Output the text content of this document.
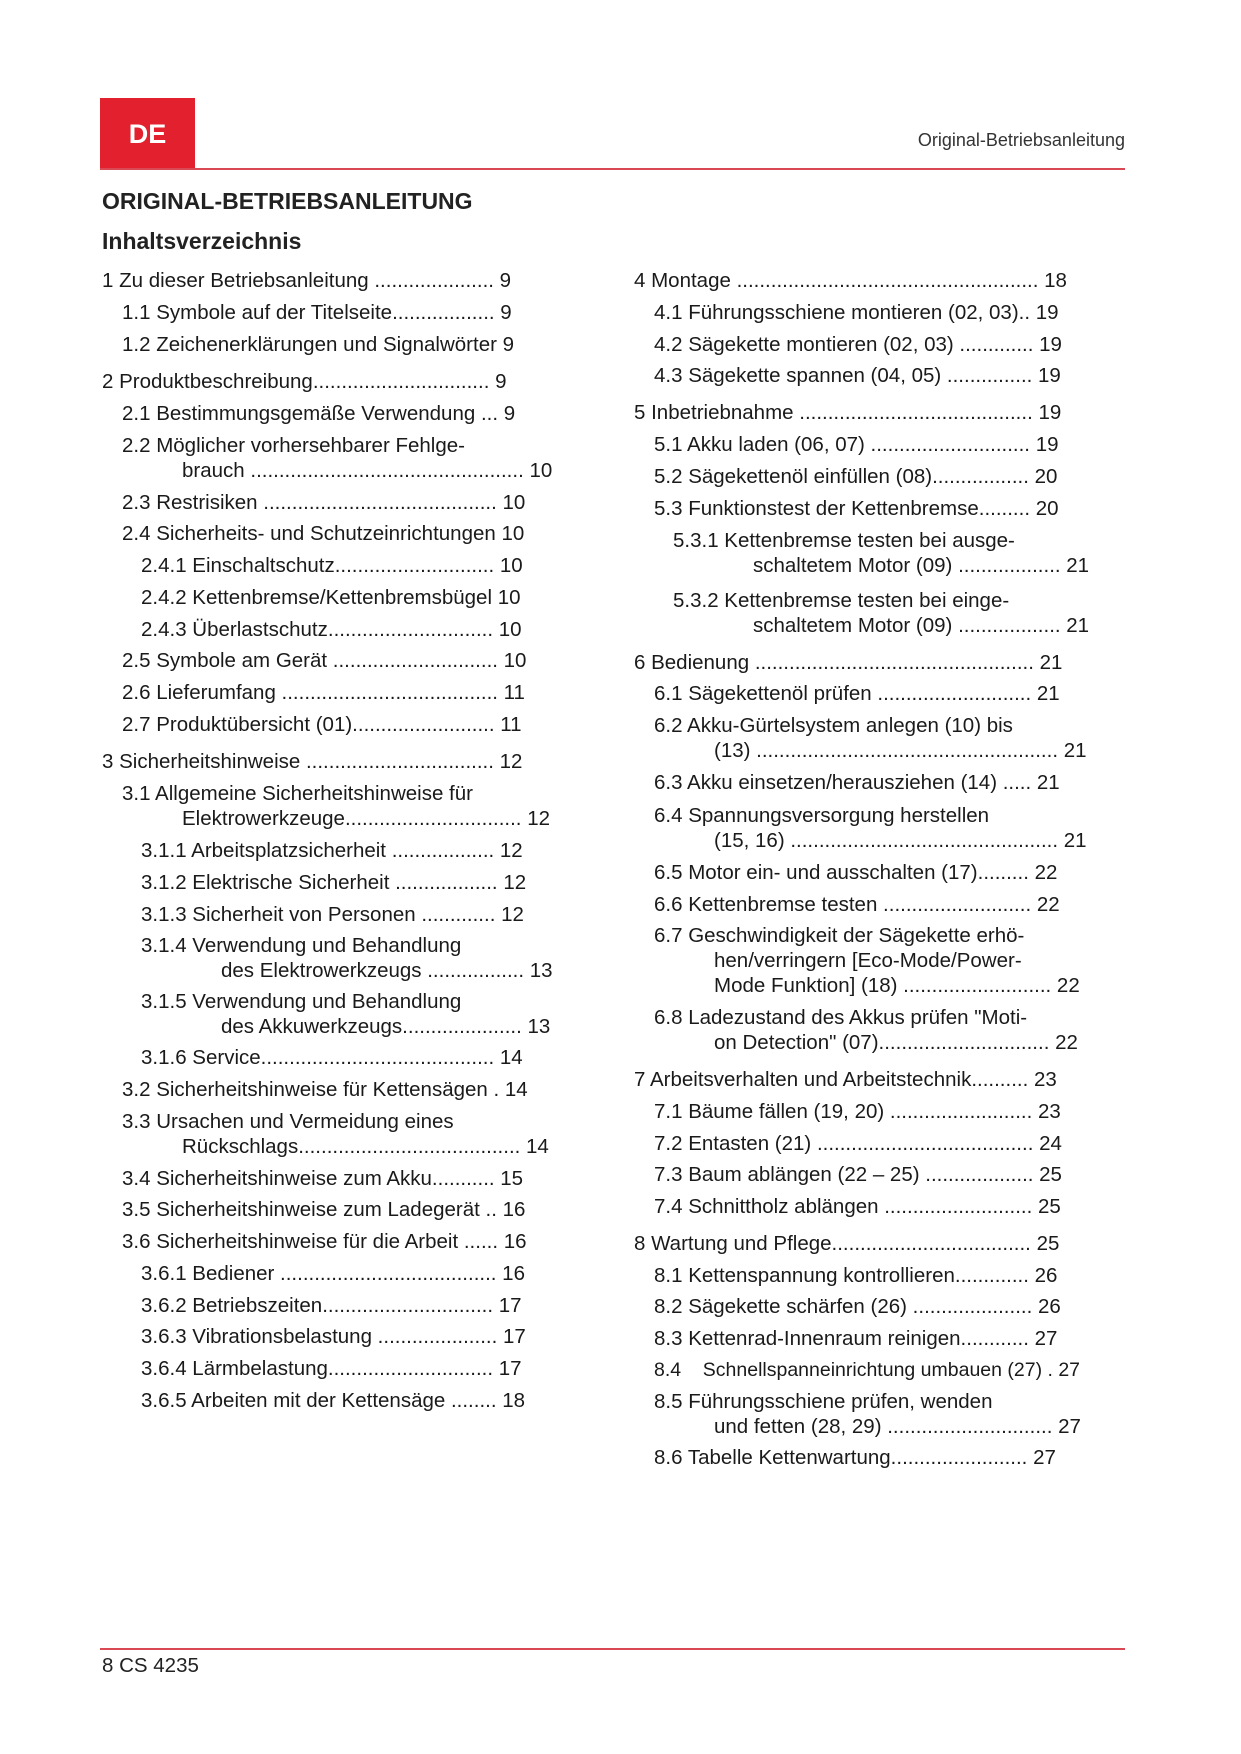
DE	Original-Betriebsanleitung
ORIGINAL-BETRIEBSANLEITUNG
Inhaltsverzeichnis
1 Zu dieser Betriebsanleitung ..................... 9
1.1 Symbole auf der Titelseite.................. 9
1.2 Zeichenerklärungen und Signalwörter 9
2 Produktbeschreibung............................... 9
2.1 Bestimmungsgemäße Verwendung ... 9
2.2 Möglicher vorhersehbarer Fehlge-
brauch ................................................ 10
2.3 Restrisiken ......................................... 10
2.4 Sicherheits- und Schutzeinrichtungen 10
2.4.1 Einschaltschutz............................ 10
2.4.2 Kettenbremse/Kettenbremsbügel 10
2.4.3 Überlastschutz............................. 10
2.5 Symbole am Gerät ............................. 10
2.6 Lieferumfang ...................................... 11
2.7 Produktübersicht (01)......................... 11
3 Sicherheitshinweise ................................. 12
3.1 Allgemeine Sicherheitshinweise für
Elektrowerkzeuge............................... 12
3.1.1 Arbeitsplatzsicherheit .................. 12
3.1.2 Elektrische Sicherheit .................. 12
3.1.3 Sicherheit von Personen ............. 12
3.1.4 Verwendung und Behandlung
des Elektrowerkzeugs ................. 13
3.1.5 Verwendung und Behandlung
des Akkuwerkzeugs..................... 13
3.1.6 Service......................................... 14
3.2 Sicherheitshinweise für Kettensägen . 14
3.3 Ursachen und Vermeidung eines
Rückschlags....................................... 14
3.4 Sicherheitshinweise zum Akku........... 15
3.5 Sicherheitshinweise zum Ladegerät .. 16
3.6 Sicherheitshinweise für die Arbeit ...... 16
3.6.1 Bediener ...................................... 16
3.6.2 Betriebszeiten.............................. 17
3.6.3 Vibrationsbelastung ..................... 17
3.6.4 Lärmbelastung............................. 17
3.6.5 Arbeiten mit der Kettensäge ........ 18
4 Montage ..................................................... 18
4.1 Führungsschiene montieren (02, 03).. 19
4.2 Sägekette montieren (02, 03) ............. 19
4.3 Sägekette spannen (04, 05) ............... 19
5 Inbetriebnahme ......................................... 19
5.1 Akku laden (06, 07) ............................ 19
5.2 Sägekettenöl einfüllen (08)................. 20
5.3 Funktionstest der Kettenbremse......... 20
5.3.1 Kettenbremse testen bei ausge-
schaltetem Motor (09) .................. 21
5.3.2 Kettenbremse testen bei einge-
schaltetem Motor (09) .................. 21
6 Bedienung ................................................. 21
6.1 Sägekettenöl prüfen ........................... 21
6.2 Akku-Gürtelsystem anlegen (10) bis
(13) ..................................................... 21
6.3 Akku einsetzen/herausziehen (14) ..... 21
6.4 Spannungsversorgung herstellen
(15, 16) ............................................... 21
6.5 Motor ein- und ausschalten (17)......... 22
6.6 Kettenbremse testen .......................... 22
6.7 Geschwindigkeit der Sägekette erhö-
hen/verringern [Eco-Mode/Power-
Mode Funktion] (18) .......................... 22
6.8 Ladezustand des Akkus prüfen "Moti-
on Detection" (07).............................. 22
7 Arbeitsverhalten und Arbeitstechnik.......... 23
7.1 Bäume fällen (19, 20) ......................... 23
7.2 Entasten (21) ...................................... 24
7.3 Baum ablängen (22 – 25) ................... 25
7.4 Schnittholz ablängen .......................... 25
8 Wartung und Pflege................................... 25
8.1 Kettenspannung kontrollieren............. 26
8.2 Sägekette schärfen (26) ..................... 26
8.3 Kettenrad-Innenraum reinigen............ 27
8.4    Schnellspanneinrichtung umbauen (27) . 27
8.5 Führungsschiene prüfen, wenden
und fetten (28, 29) ............................. 27
8.6 Tabelle Kettenwartung........................ 27
8 CS 4235
